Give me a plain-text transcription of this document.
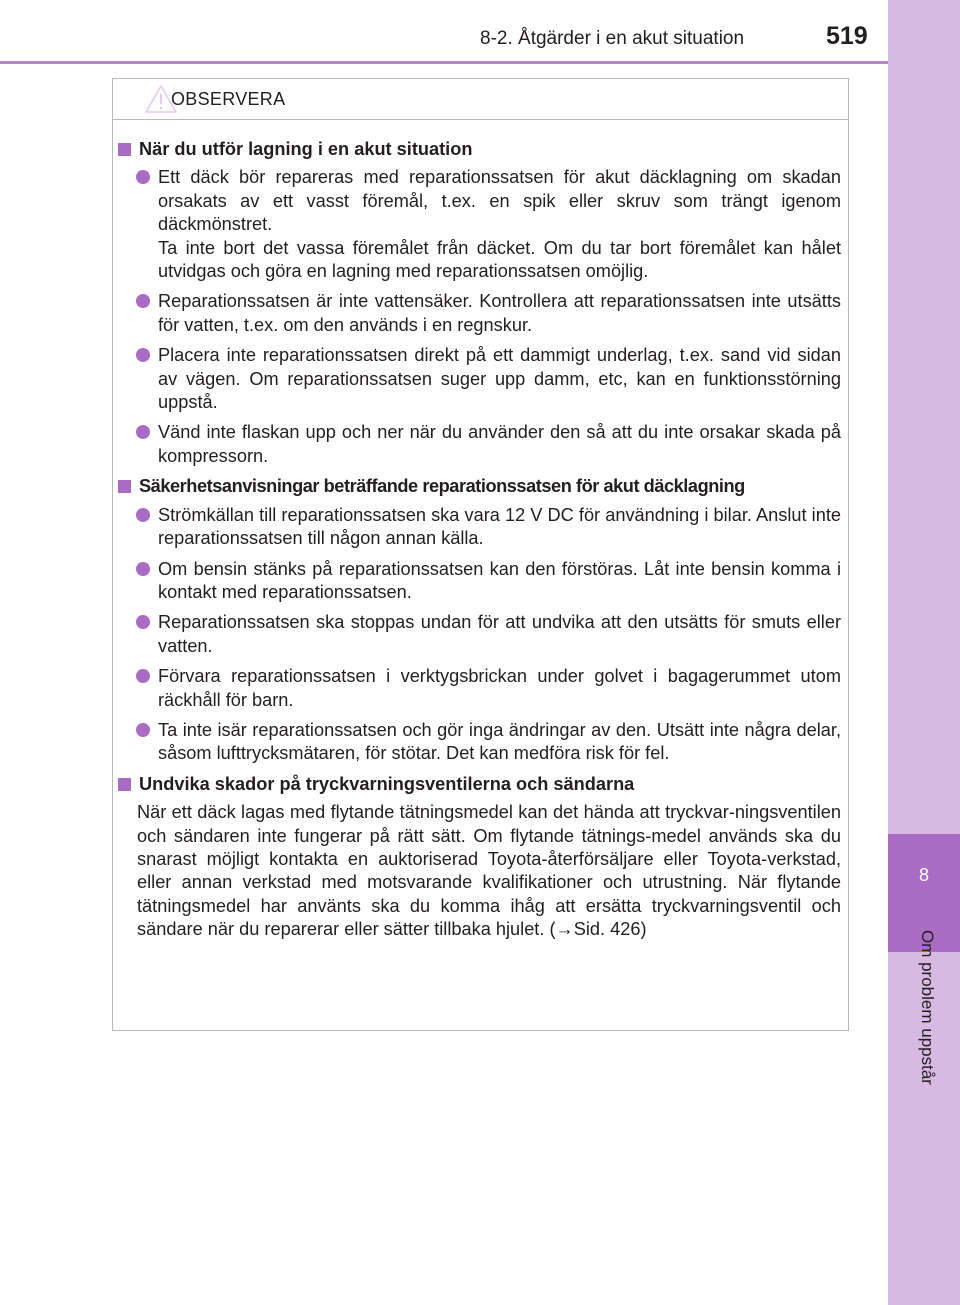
8-2. Åtgärder i en akut situation	519
8
Om problem uppstår
OBSERVERA
När du utför lagning i en akut situation
Ett däck bör repareras med reparationssatsen för akut däcklagning om skadan orsakats av ett vasst föremål, t.ex. en spik eller skruv som trängt igenom däckmönstret.
Ta inte bort det vassa föremålet från däcket. Om du tar bort föremålet kan hålet utvidgas och göra en lagning med reparationssatsen omöjlig.
Reparationssatsen är inte vattensäker. Kontrollera att reparationssatsen inte utsätts för vatten, t.ex. om den används i en regnskur.
Placera inte reparationssatsen direkt på ett dammigt underlag, t.ex. sand vid sidan av vägen. Om reparationssatsen suger upp damm, etc, kan en funktionsstörning uppstå.
Vänd inte flaskan upp och ner när du använder den så att du inte orsakar skada på kompressorn.
Säkerhetsanvisningar beträffande reparationssatsen för akut däcklagning
Strömkällan till reparationssatsen ska vara 12 V DC för användning i bilar. Anslut inte reparationssatsen till någon annan källa.
Om bensin stänks på reparationssatsen kan den förstöras. Låt inte bensin komma i kontakt med reparationssatsen.
Reparationssatsen ska stoppas undan för att undvika att den utsätts för smuts eller vatten.
Förvara reparationssatsen i verktygsbrickan under golvet i bagagerummet utom räckhåll för barn.
Ta inte isär reparationssatsen och gör inga ändringar av den. Utsätt inte några delar, såsom lufttrycksmätaren, för stötar. Det kan medföra risk för fel.
Undvika skador på tryckvarningsventilerna och sändarna
När ett däck lagas med flytande tätningsmedel kan det hända att tryckvar-ningsventilen och sändaren inte fungerar på rätt sätt. Om flytande tätnings-medel används ska du snarast möjligt kontakta en auktoriserad Toyota-återförsäljare eller Toyota-verkstad, eller annan verkstad med motsvarande kvalifikationer och utrustning. När flytande tätningsmedel har använts ska du komma ihåg att ersätta tryckvarningsventil och sändare när du reparerar eller sätter tillbaka hjulet. (→Sid. 426)
